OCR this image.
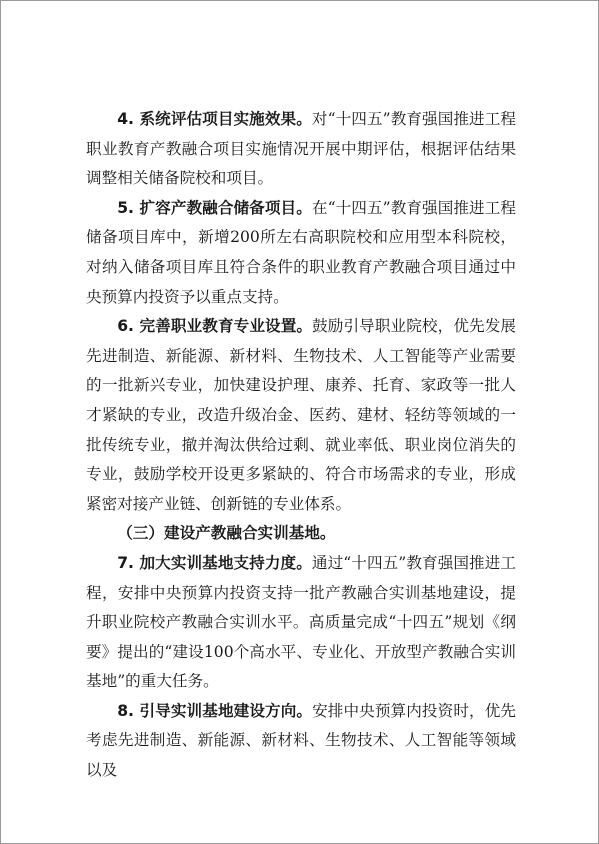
4. 系统评估项目实施效果。对“十四五”教育强国推进工程职业教育产教融合项目实施情况开展中期评估，根据评估结果调整相关储备院校和项目。

5. 扩容产教融合储备项目。在“十四五”教育强国推进工程储备项目库中，新增200所左右高职院校和应用型本科院校，对纳入储备项目库且符合条件的职业教育产教融合项目通过中央预算内投资予以重点支持。

6. 完善职业教育专业设置。鼓励引导职业院校，优先发展先进制造、新能源、新材料、生物技术、人工智能等产业需要的一批新兴专业，加快建设护理、康养、托育、家政等一批人才紧缺的专业，改造升级冶金、医药、建材、轻纺等领域的一批传统专业，撤并淘汰供给过剩、就业率低、职业岗位消失的专业，鼓励学校开设更多紧缺的、符合市场需求的专业，形成紧密对接产业链、创新链的专业体系。

（三）建设产教融合实训基地。

7. 加大实训基地支持力度。通过“十四五”教育强国推进工程，安排中央预算内投资支持一批产教融合实训基地建设，提升职业院校产教融合实训水平。高质量完成“十四五”规划《纲要》提出的“建设100个高水平、专业化、开放型产教融合实训基地”的重大任务。

8. 引导实训基地建设方向。安排中央预算内投资时，优先考虑先进制造、新能源、新材料、生物技术、人工智能等领域以及
